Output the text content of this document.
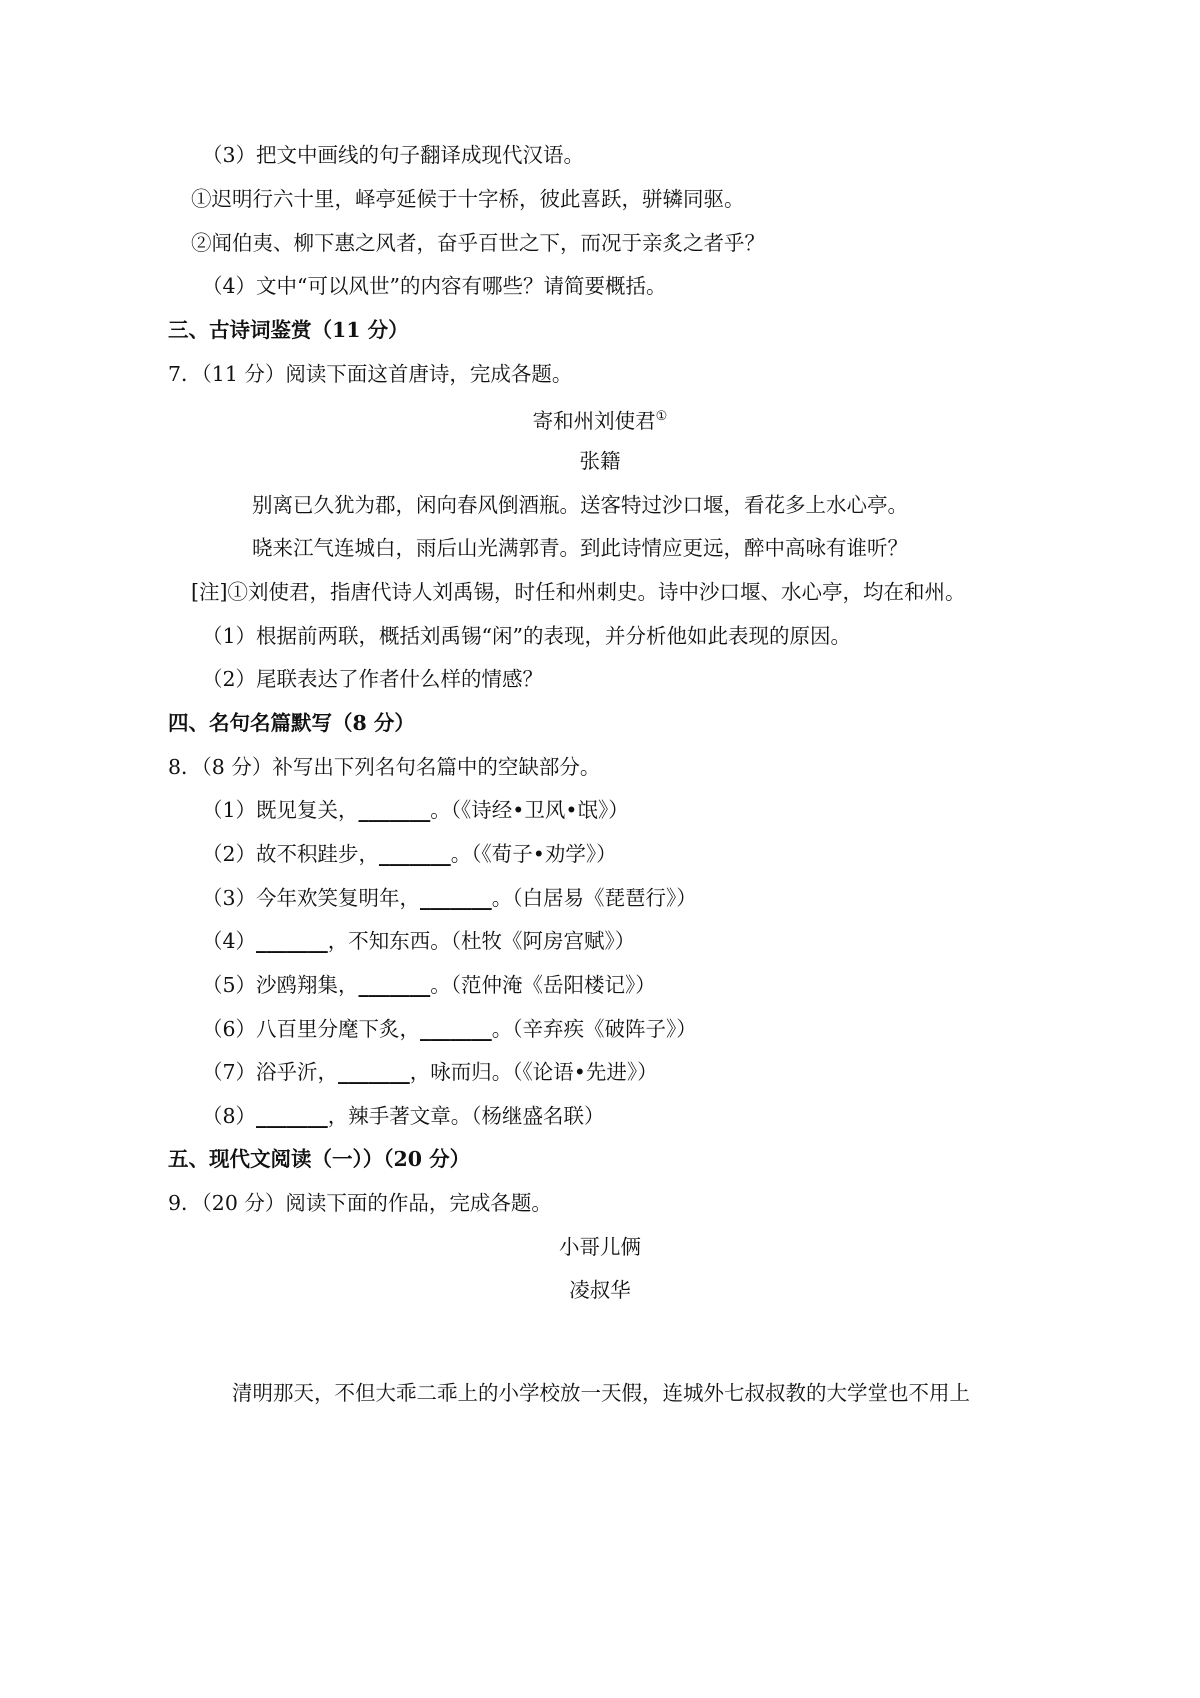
（3）把文中画线的句子翻译成现代汉语。
①迟明行六十里，峄亭延候于十字桥，彼此喜跃，骈辚同驱。
②闻伯夷、柳下惠之风者，奋乎百世之下，而况于亲炙之者乎？
（4）文中“可以风世”的内容有哪些？请简要概括。
三、古诗词鉴赏（11 分）
7．（11 分）阅读下面这首唐诗，完成各题。
寄和州刘使君①
张籍
别离已久犹为郡，闲向春风倒酒瓶。送客特过沙口堰，看花多上水心亭。
晓来江气连城白，雨后山光满郭青。到此诗情应更远，醉中高咏有谁听？
[注]①刘使君，指唐代诗人刘禹锡，时任和州刺史。诗中沙口堰、水心亭，均在和州。
（1）根据前两联，概括刘禹锡“闲”的表现，并分析他如此表现的原因。
（2）尾联表达了作者什么样的情感？
四、名句名篇默写（8 分）
8．（8 分）补写出下列名句名篇中的空缺部分。
（1）既见复关，_______。（《诗经•卫风•氓》）
（2）故不积跬步，_______。（《荀子•劝学》）
（3）今年欢笑复明年，_______。（白居易《琵琶行》）
（4）_______，不知东西。（杜牧《阿房宫赋》）
（5）沙鸥翔集，_______。（范仲淹《岳阳楼记》）
（6）八百里分麾下炙，_______。（辛弃疾《破阵子》）
（7）浴乎沂，_______，咏而归。（《论语•先进》）
（8）_______，辣手著文章。（杨继盛名联）
五、现代文阅读（一））（20 分）
9．（20 分）阅读下面的作品，完成各题。
小哥儿俩
凌叔华
清明那天，不但大乖二乖上的小学校放一天假，连城外七叔叔教的大学堂也不用上
